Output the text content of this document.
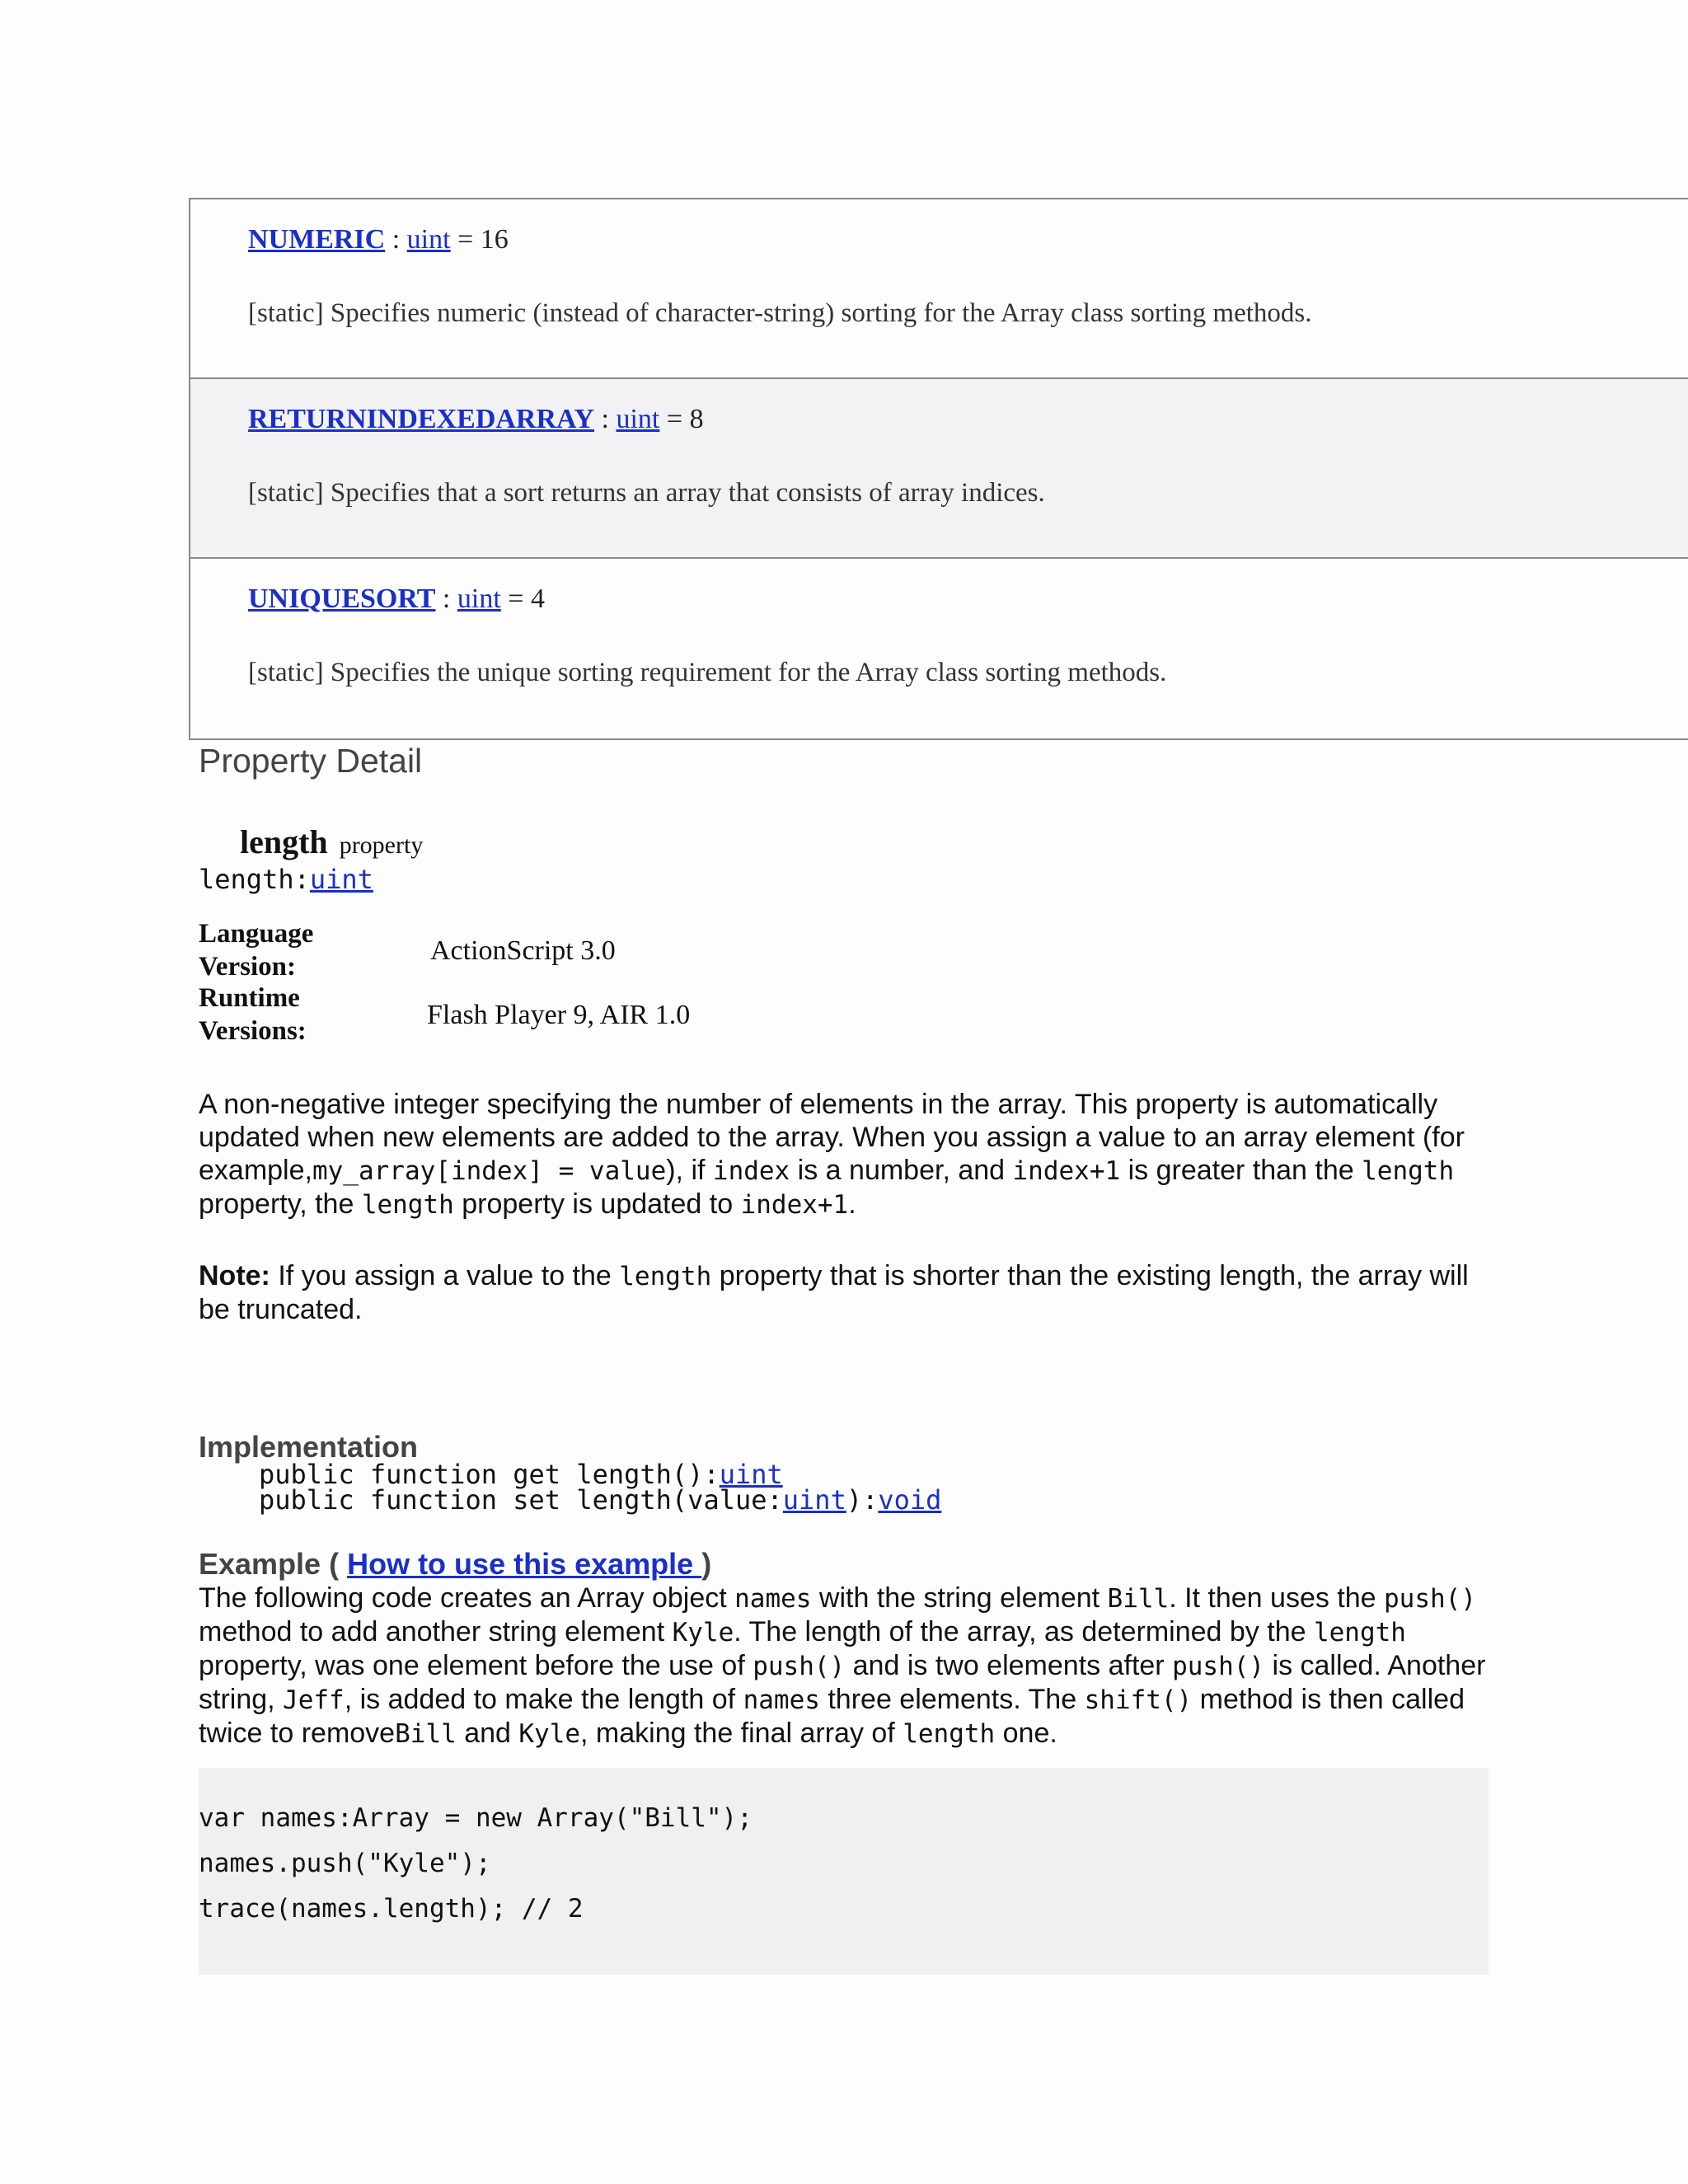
NUMERIC : uint = 16
[static] Specifies numeric (instead of character-string) sorting for the Array class sorting methods.
RETURNINDEXEDARRAY : uint = 8
[static] Specifies that a sort returns an array that consists of array indices.
UNIQUESORT : uint = 4
[static] Specifies the unique sorting requirement for the Array class sorting methods.
Property Detail
length property
length:uint
Language
Version:
ActionScript 3.0
Runtime
Versions:
Flash Player 9, AIR 1.0
A non-negative integer specifying the number of elements in the array. This property is automatically updated when new elements are added to the array. When you assign a value to an array element (for example,my_array[index] = value), if index is a number, and index+1 is greater than the length property, the length property is updated to index+1.
Note: If you assign a value to the length property that is shorter than the existing length, the array will be truncated.
Implementation
public function get length():uint
public function set length(value:uint):void
Example ( How to use this example )
The following code creates an Array object names with the string element Bill. It then uses the push() method to add another string element Kyle. The length of the array, as determined by the length property, was one element before the use of push() and is two elements after push() is called. Another string, Jeff, is added to make the length of names three elements. The shift() method is then called twice to removeBill and Kyle, making the final array of length one.
var names:Array = new Array("Bill");
names.push("Kyle");
trace(names.length); // 2
